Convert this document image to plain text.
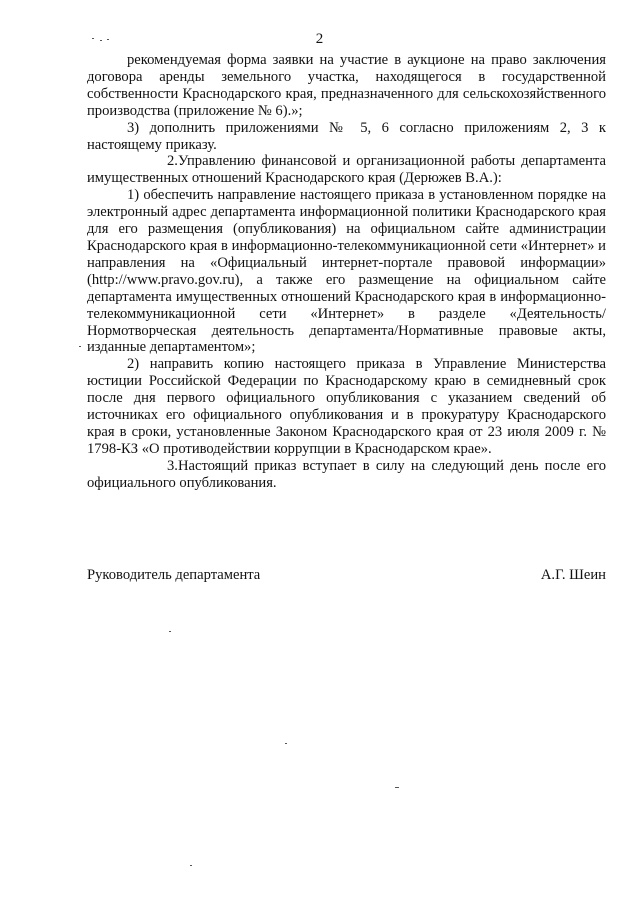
2

рекомендуемая форма заявки на участие в аукционе на право заключения договора аренды земельного участка, находящегося в государственной собственности Краснодарского края, предназначенного для сельскохозяйственного производства (приложение № 6).»;

3) дополнить приложениями № 5, 6 согласно приложениям 2, 3 к настоящему приказу.

2.Управлению финансовой и организационной работы департамента имущественных отношений Краснодарского края (Дерюжев В.А.):

1) обеспечить направление настоящего приказа в установленном порядке на электронный адрес департамента информационной политики Краснодарского края для его размещения (опубликования) на официальном сайте администрации Краснодарского края в информационно-телекоммуникационной сети «Интернет» и направления на «Официальный интернет-портале правовой информации» (http://www.pravo.gov.ru), а также его размещение на официальном сайте департамента имущественных отношений Краснодарского края в информационно-телекоммуникационной сети «Интернет» в разделе «Деятельность/Нормотворческая деятельность департамента/Нормативные правовые акты, изданные департаментом»;

2) направить копию настоящего приказа в Управление Министерства юстиции Российской Федерации по Краснодарскому краю в семидневный срок после дня первого официального опубликования с указанием сведений об источниках его официального опубликования и в прокуратуру Краснодарского края в сроки, установленные Законом Краснодарского края от 23 июля 2009 г. № 1798-КЗ «О противодействии коррупции в Краснодарском крае».

3.Настоящий приказ вступает в силу на следующий день после его официального опубликования.

Руководитель департамента	А.Г. Шеин
